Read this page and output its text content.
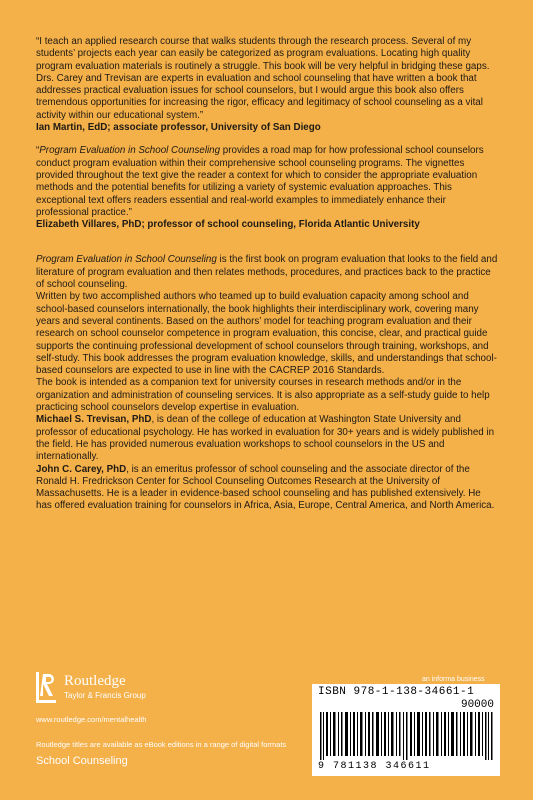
“I teach an applied research course that walks students through the research process. Several of my students’ projects each year can easily be categorized as program evaluations. Locating high quality program evaluation materials is routinely a struggle. This book will be very helpful in bridging these gaps. Drs. Carey and Trevisan are experts in evaluation and school counseling that have written a book that addresses practical evaluation issues for school counselors, but I would argue this book also offers tremendous opportunities for increasing the rigor, efficacy and legitimacy of school counseling as a vital activity within our educational system.”

Ian Martin, EdD; associate professor, University of San Diego

“Program Evaluation in School Counseling provides a road map for how professional school counselors conduct program evaluation within their comprehensive school counseling programs. The vignettes provided throughout the text give the reader a context for which to consider the appropriate evaluation methods and the potential benefits for utilizing a variety of systemic evaluation approaches. This exceptional text offers readers essential and real-world examples to immediately enhance their professional practice.”

Elizabeth Villares, PhD; professor of school counseling, Florida Atlantic University

Program Evaluation in School Counseling is the first book on program evaluation that looks to the field and literature of program evaluation and then relates methods, procedures, and practices back to the practice of school counseling.

Written by two accomplished authors who teamed up to build evaluation capacity among school and school-based counselors internationally, the book highlights their interdisciplinary work, covering many years and several continents. Based on the authors’ model for teaching program evaluation and their research on school counselor competence in program evaluation, this concise, clear, and practical guide supports the continuing professional development of school counselors through training, workshops, and self-study. This book addresses the program evaluation knowledge, skills, and understandings that school-based counselors are expected to use in line with the CACREP 2016 Standards.

The book is intended as a companion text for university courses in research methods and/or in the organization and administration of counseling services. It is also appropriate as a self-study guide to help practicing school counselors develop expertise in evaluation.

Michael S. Trevisan, PhD, is dean of the college of education at Washington State University and professor of educational psychology. He has worked in evaluation for 30+ years and is widely published in the field. He has provided numerous evaluation workshops to school counselors in the US and internationally.

John C. Carey, PhD, is an emeritus professor of school counseling and the associate director of the Ronald H. Fredrickson Center for School Counseling Outcomes Research at the University of Massachusetts. He is a leader in evidence-based school counseling and has published extensively. He has offered evaluation training for counselors in Africa, Asia, Europe, Central America, and North America.

Routledge
Taylor & Francis Group
www.routledge.com/mentalhealth
Routledge titles are available as eBook editions in a range of digital formats
School Counseling
an informa business
ISBN 978-1-138-34661-1
90000
9 781138 346611
